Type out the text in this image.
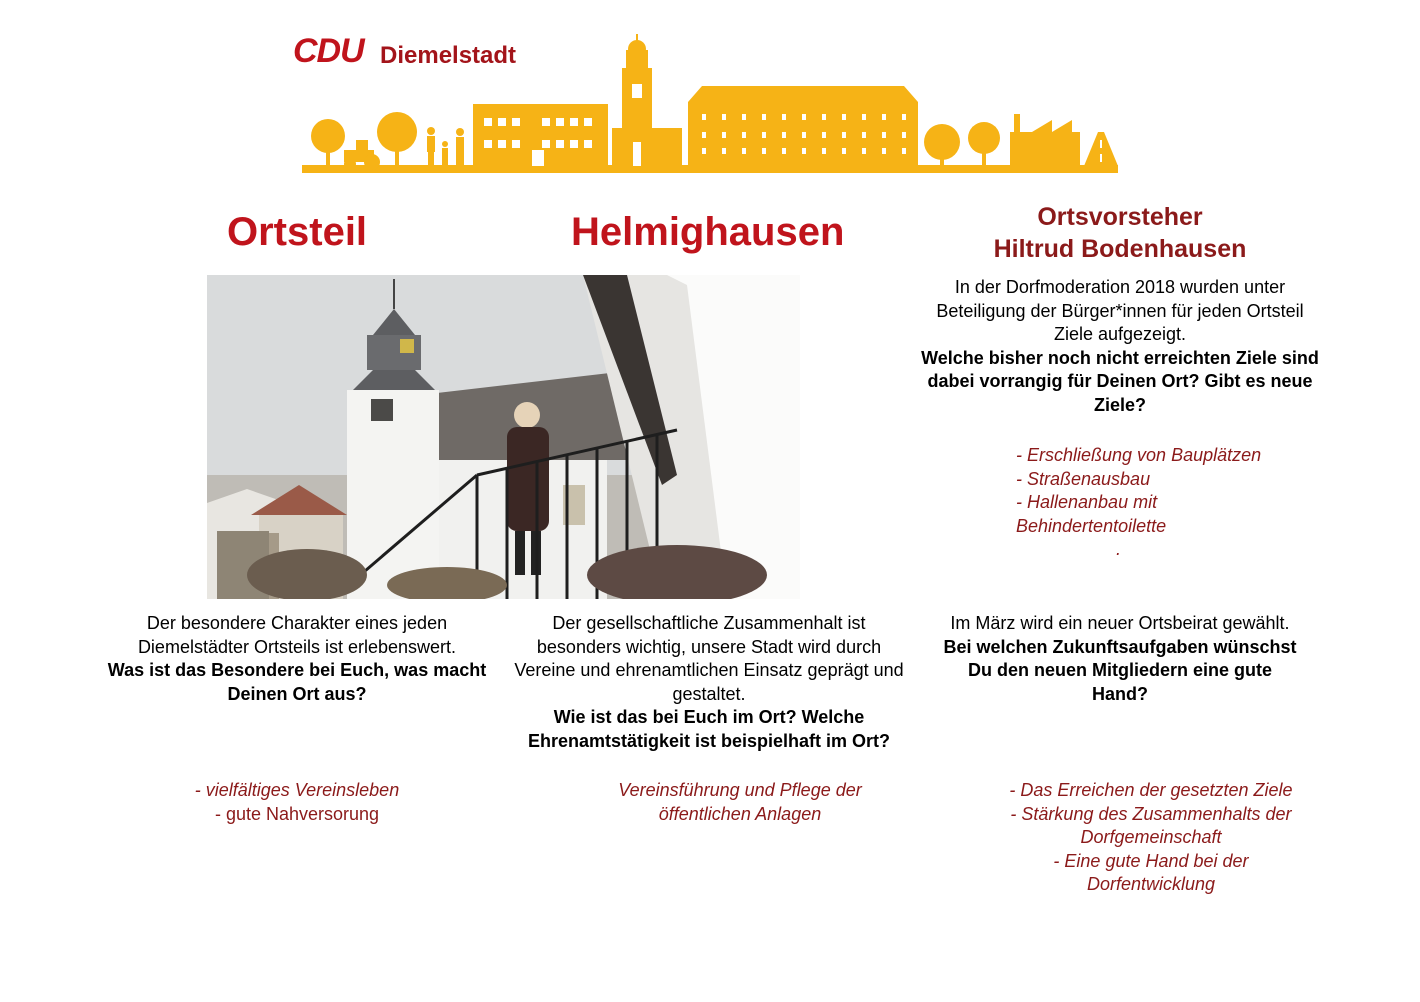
CDU Diemelstadt
Ortsteil	Helmighausen	Ortsvorsteher
Hiltrud Bodenhausen
In der Dorfmoderation 2018 wurden unter Beteiligung der Bürger*innen für jeden Ortsteil Ziele aufgezeigt.
Welche bisher noch nicht erreichten Ziele sind dabei vorrangig für Deinen Ort? Gibt es neue Ziele?
- Erschließung von Bauplätzen
- Straßenausbau
- Hallenanbau mit
Behindertentoilette
.
Der besondere Charakter eines jeden Diemelstädter Ortsteils ist erlebenswert.
Was ist das Besondere bei Euch, was macht Deinen Ort aus?
- vielfältiges Vereinsleben
- gute Nahversorung
Der gesellschaftliche Zusammenhalt ist besonders wichtig, unsere Stadt wird durch Vereine und ehrenamtlichen Einsatz geprägt und gestaltet.
Wie ist das bei Euch im Ort? Welche Ehrenamtstätigkeit ist beispielhaft im Ort?
Vereinsführung und Pflege der
öffentlichen Anlagen
Im März wird ein neuer Ortsbeirat gewählt.
Bei welchen Zukunftsaufgaben wünschst Du den neuen Mitgliedern eine gute Hand?
- Das Erreichen der gesetzten Ziele
- Stärkung des Zusammenhalts der
Dorfgemeinschaft
- Eine gute Hand bei der
Dorfentwicklung
